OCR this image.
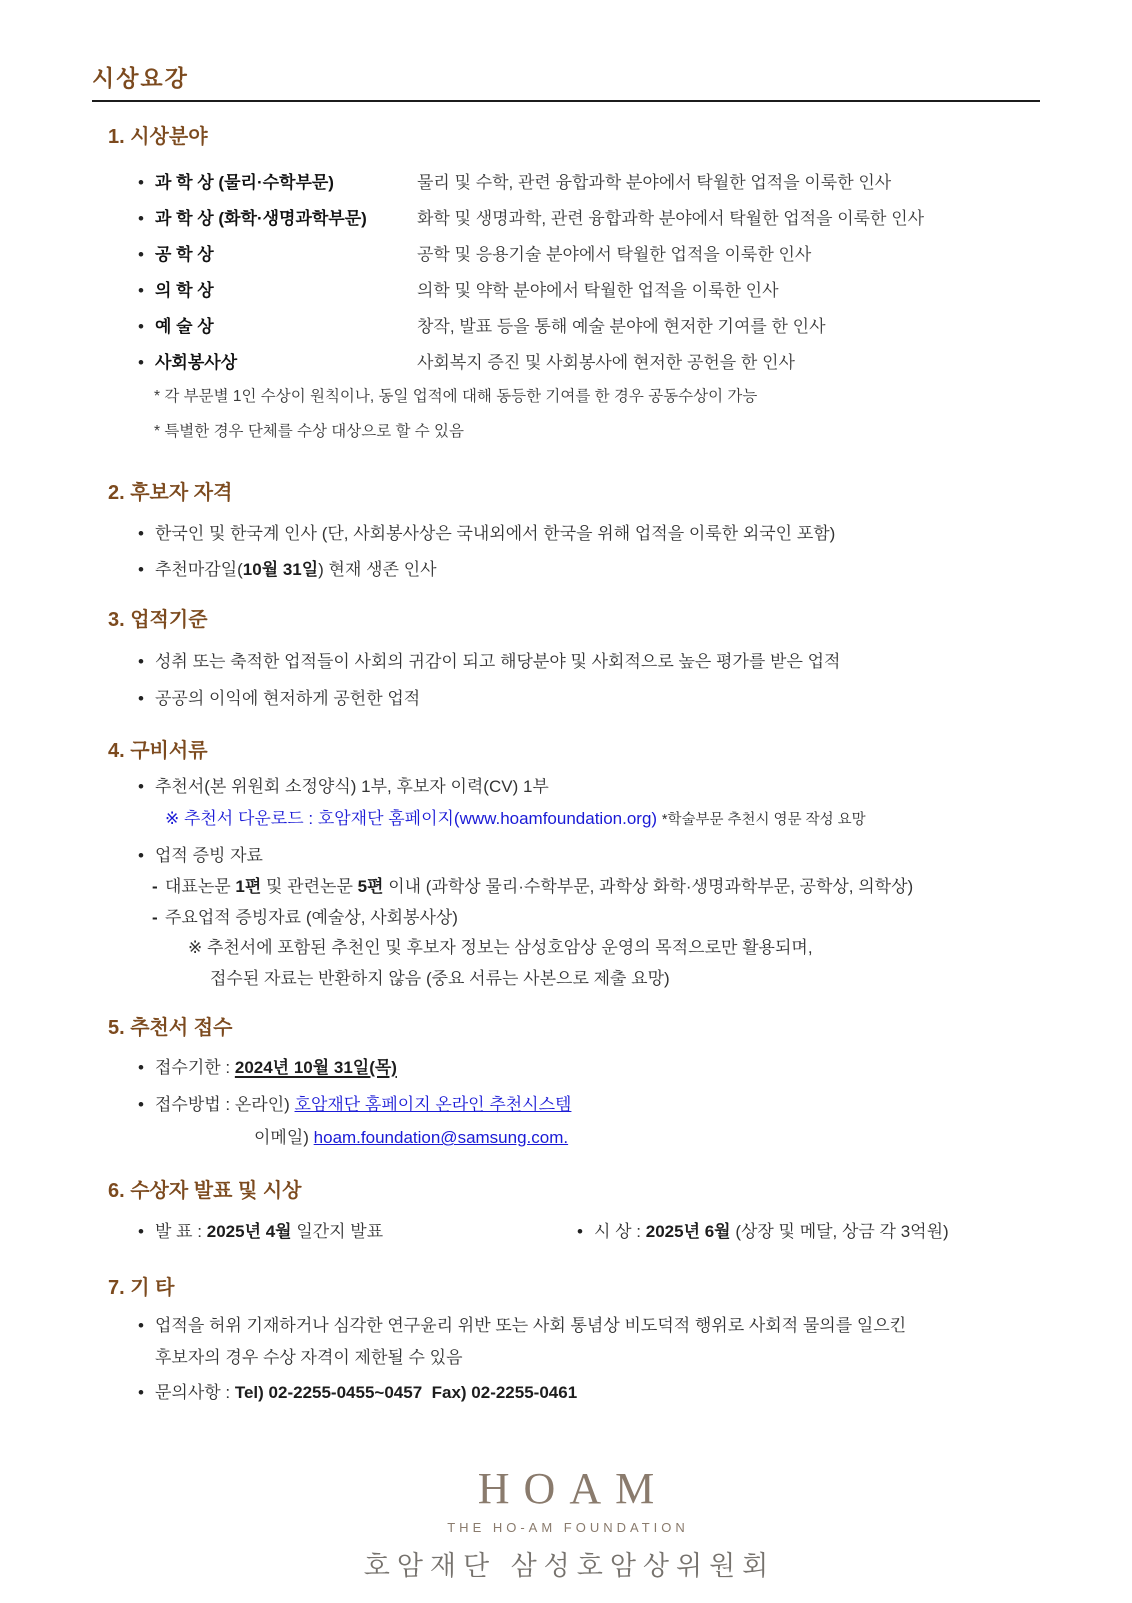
시상요강
1. 시상분야
• 과 학 상 (물리·수학부문)	물리 및 수학, 관련 융합과학 분야에서 탁월한 업적을 이룩한 인사
• 과 학 상 (화학·생명과학부문)	화학 및 생명과학, 관련 융합과학 분야에서 탁월한 업적을 이룩한 인사
• 공 학 상	공학 및 응용기술 분야에서 탁월한 업적을 이룩한 인사
• 의 학 상	의학 및 약학 분야에서 탁월한 업적을 이룩한 인사
• 예 술 상	창작, 발표 등을 통해 예술 분야에 현저한 기여를 한 인사
• 사회봉사상	사회복지 증진 및 사회봉사에 현저한 공헌을 한 인사
* 각 부문별 1인 수상이 원칙이나, 동일 업적에 대해 동등한 기여를 한 경우 공동수상이 가능
* 특별한 경우 단체를 수상 대상으로 할 수 있음
2. 후보자 자격
• 한국인 및 한국계 인사 (단, 사회봉사상은 국내외에서 한국을 위해 업적을 이룩한 외국인 포함)
• 추천마감일(10월 31일) 현재 생존 인사
3. 업적기준
• 성취 또는 축적한 업적들이 사회의 귀감이 되고 해당분야 및 사회적으로 높은 평가를 받은 업적
• 공공의 이익에 현저하게 공헌한 업적
4. 구비서류
• 추천서(본 위원회 소정양식) 1부, 후보자 이력(CV) 1부
※ 추천서 다운로드 : 호암재단 홈페이지(www.hoamfoundation.org) *학술부문 추천시 영문 작성 요망
• 업적 증빙 자료
- 대표논문 1편 및 관련논문 5편 이내 (과학상 물리·수학부문, 과학상 화학·생명과학부문, 공학상, 의학상)
- 주요업적 증빙자료 (예술상, 사회봉사상)
※ 추천서에 포함된 추천인 및 후보자 정보는 삼성호암상 운영의 목적으로만 활용되며,
접수된 자료는 반환하지 않음 (중요 서류는 사본으로 제출 요망)
5. 추천서 접수
• 접수기한 : 2024년 10월 31일(목)
• 접수방법 : 온라인) 호암재단 홈페이지 온라인 추천시스템
이메일) hoam.foundation@samsung.com.
6. 수상자 발표 및 시상
• 발 표 : 2025년 4월 일간지 발표	• 시 상 : 2025년 6월 (상장 및 메달, 상금 각 3억원)
7. 기 타
• 업적을 허위 기재하거나 심각한 연구윤리 위반 또는 사회 통념상 비도덕적 행위로 사회적 물의를 일으킨
후보자의 경우 수상 자격이 제한될 수 있음
• 문의사항 : Tel) 02-2255-0455~0457  Fax) 02-2255-0461
HOAM
THE HO-AM FOUNDATION
호암재단 삼성호암상위원회
